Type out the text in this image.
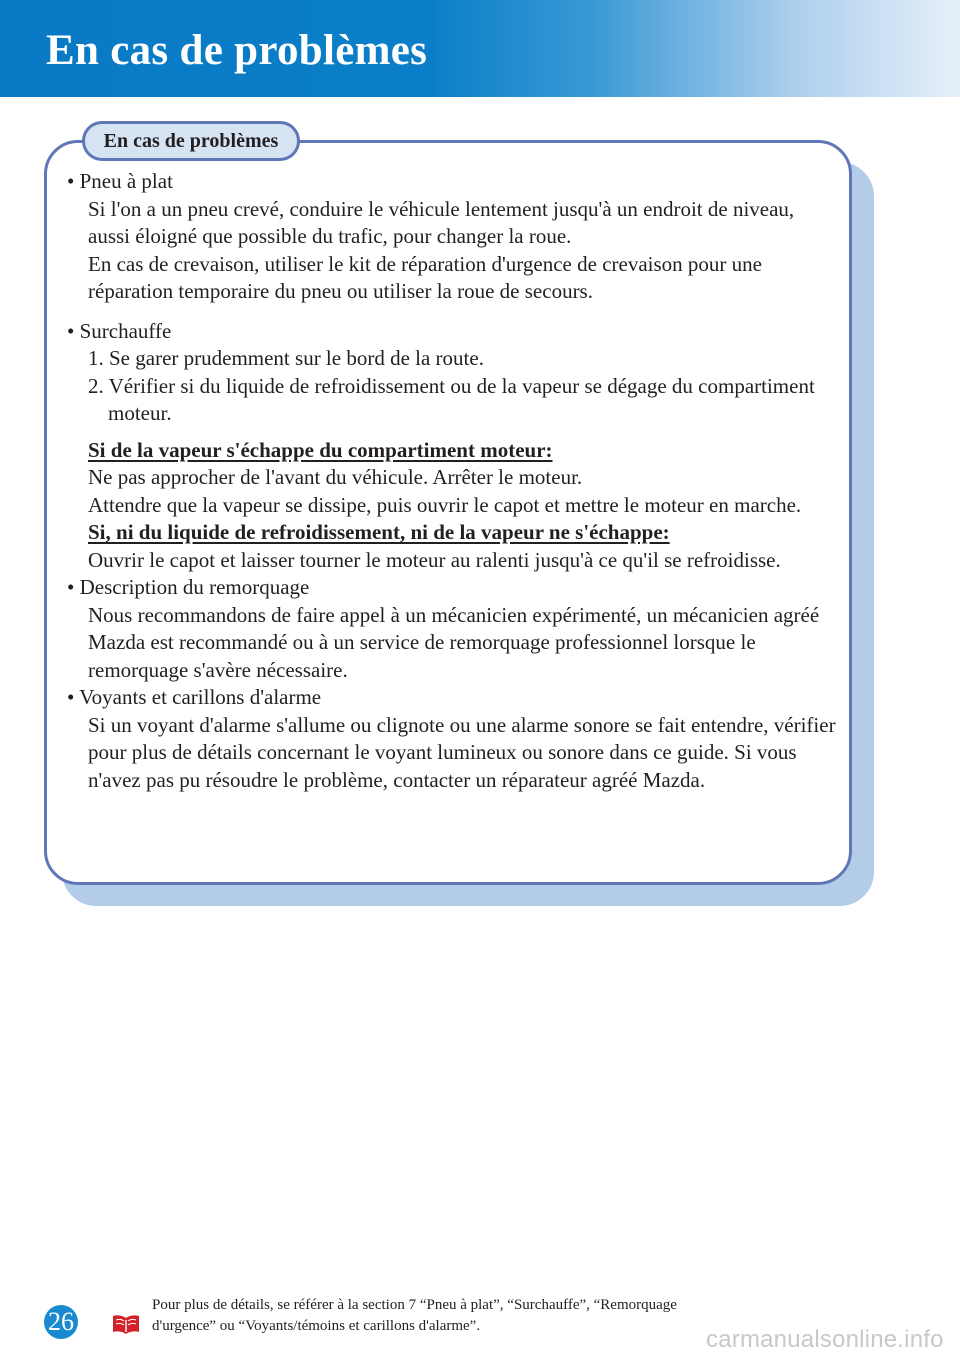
En cas de problèmes
En cas de problèmes
• Pneu à plat
Si l'on a un pneu crevé, conduire le véhicule lentement jusqu'à un endroit de niveau, aussi éloigné que possible du trafic, pour changer la roue.
En cas de crevaison, utiliser le kit de réparation d'urgence de crevaison pour une réparation temporaire du pneu ou utiliser la roue de secours.
• Surchauffe
1. Se garer prudemment sur le bord de la route.
2. Vérifier si du liquide de refroidissement ou de la vapeur se dégage du compartiment moteur.
Si de la vapeur s'échappe du compartiment moteur:
Ne pas approcher de l'avant du véhicule. Arrêter le moteur.
Attendre que la vapeur se dissipe, puis ouvrir le capot et mettre le moteur en marche.
Si, ni du liquide de refroidissement, ni de la vapeur ne s'échappe:
Ouvrir le capot et laisser tourner le moteur au ralenti jusqu'à ce qu'il se refroidisse.
• Description du remorquage
Nous recommandons de faire appel à un mécanicien expérimenté, un mécanicien agréé Mazda est recommandé ou à un service de remorquage professionnel lorsque le remorquage s'avère nécessaire.
• Voyants et carillons d'alarme
Si un voyant d'alarme s'allume ou clignote ou une alarme sonore se fait entendre, vérifier pour plus de détails concernant le voyant lumineux ou sonore dans ce guide. Si vous n'avez pas pu résoudre le problème, contacter un réparateur agréé Mazda.
26
Pour plus de détails, se référer à la section 7 “Pneu à plat”, “Surchauffe”, “Remorquage d'urgence” ou “Voyants/témoins et carillons d'alarme”.	carmanualsonline.info
